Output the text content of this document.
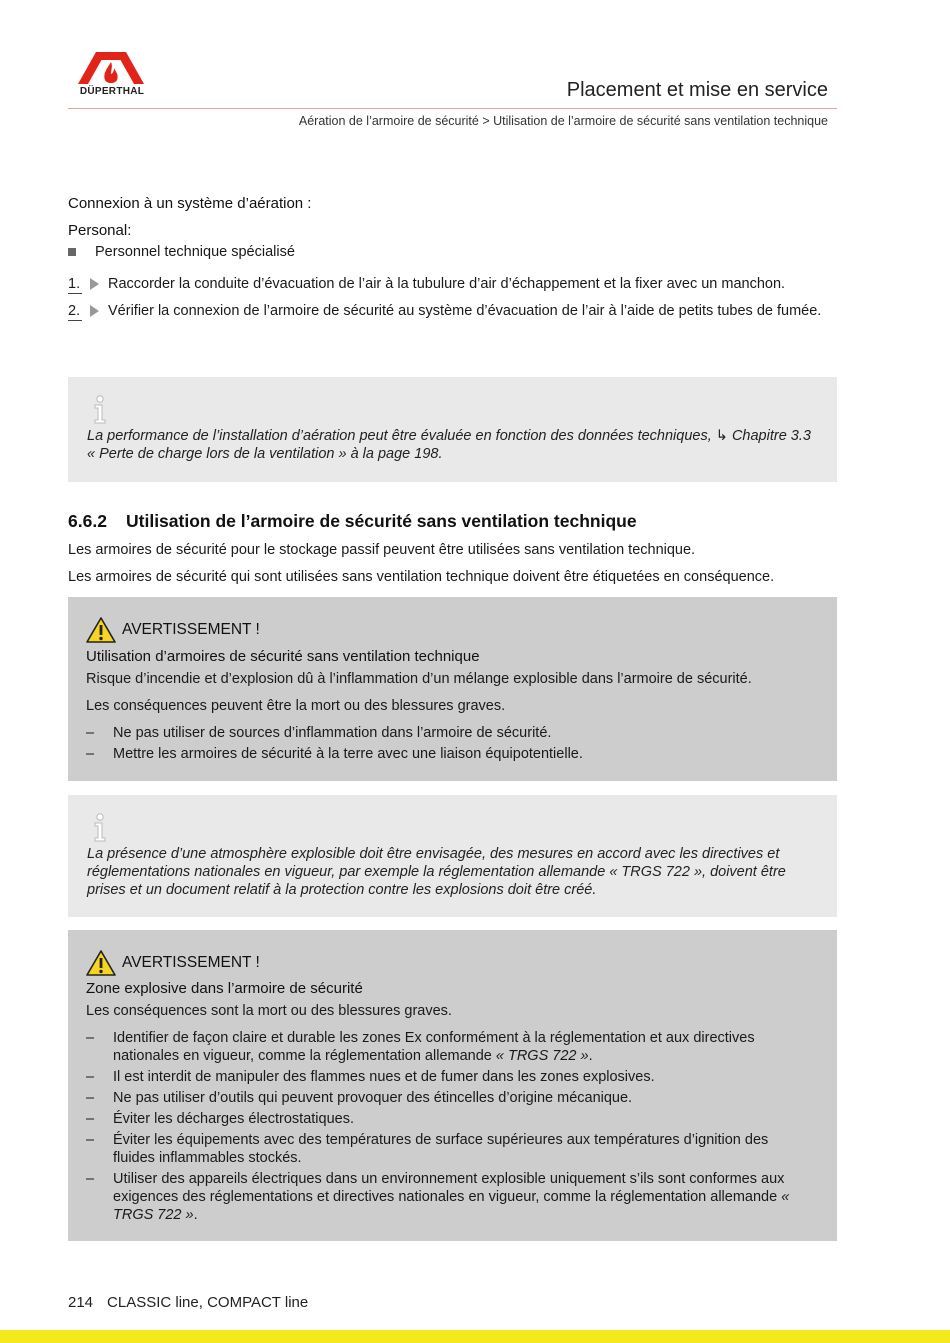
DÜPERTHAL	Placement et mise en service
Aération de l’armoire de sécurité > Utilisation de l’armoire de sécurité sans ventilation technique
Connexion à un système d’aération :
Personal:
Personnel technique spécialisé
1.	Raccorder la conduite d’évacuation de l’air à la tubulure d’air d’échappement et la fixer avec un manchon.
2.	Vérifier la connexion de l’armoire de sécurité au système d’évacuation de l’air à l’aide de petits tubes de fumée.
La performance de l’installation d’aération peut être évaluée en fonction des données techniques, ↳ Chapitre 3.3 « Perte de charge lors de la ventilation » à la page 198.
6.6.2 Utilisation de l’armoire de sécurité sans ventilation technique
Les armoires de sécurité pour le stockage passif peuvent être utilisées sans ventilation technique.
Les armoires de sécurité qui sont utilisées sans ventilation technique doivent être étiquetées en conséquence.
AVERTISSEMENT !
Utilisation d’armoires de sécurité sans ventilation technique
Risque d’incendie et d’explosion dû à l’inflammation d’un mélange explosible dans l’armoire de sécurité.
Les conséquences peuvent être la mort ou des blessures graves.
–	Ne pas utiliser de sources d’inflammation dans l’armoire de sécurité.
–	Mettre les armoires de sécurité à la terre avec une liaison équipotentielle.
La présence d’une atmosphère explosible doit être envisagée, des mesures en accord avec les directives et réglementations nationales en vigueur, par exemple la réglementation allemande « TRGS 722 », doivent être prises et un document relatif à la protection contre les explosions doit être créé.
AVERTISSEMENT !
Zone explosive dans l’armoire de sécurité
Les conséquences sont la mort ou des blessures graves.
–	Identifier de façon claire et durable les zones Ex conformément à la réglementation et aux directives nationales en vigueur, comme la réglementation allemande « TRGS 722 ».
–	Il est interdit de manipuler des flammes nues et de fumer dans les zones explosives.
–	Ne pas utiliser d’outils qui peuvent provoquer des étincelles d’origine mécanique.
–	Éviter les décharges électrostatiques.
–	Éviter les équipements avec des températures de surface supérieures aux températures d’ignition des fluides inflammables stockés.
–	Utiliser des appareils électriques dans un environnement explosible uniquement s’ils sont conformes aux exigences des réglementations et directives nationales en vigueur, comme la réglementation allemande « TRGS 722 ».
214 CLASSIC line, COMPACT line
